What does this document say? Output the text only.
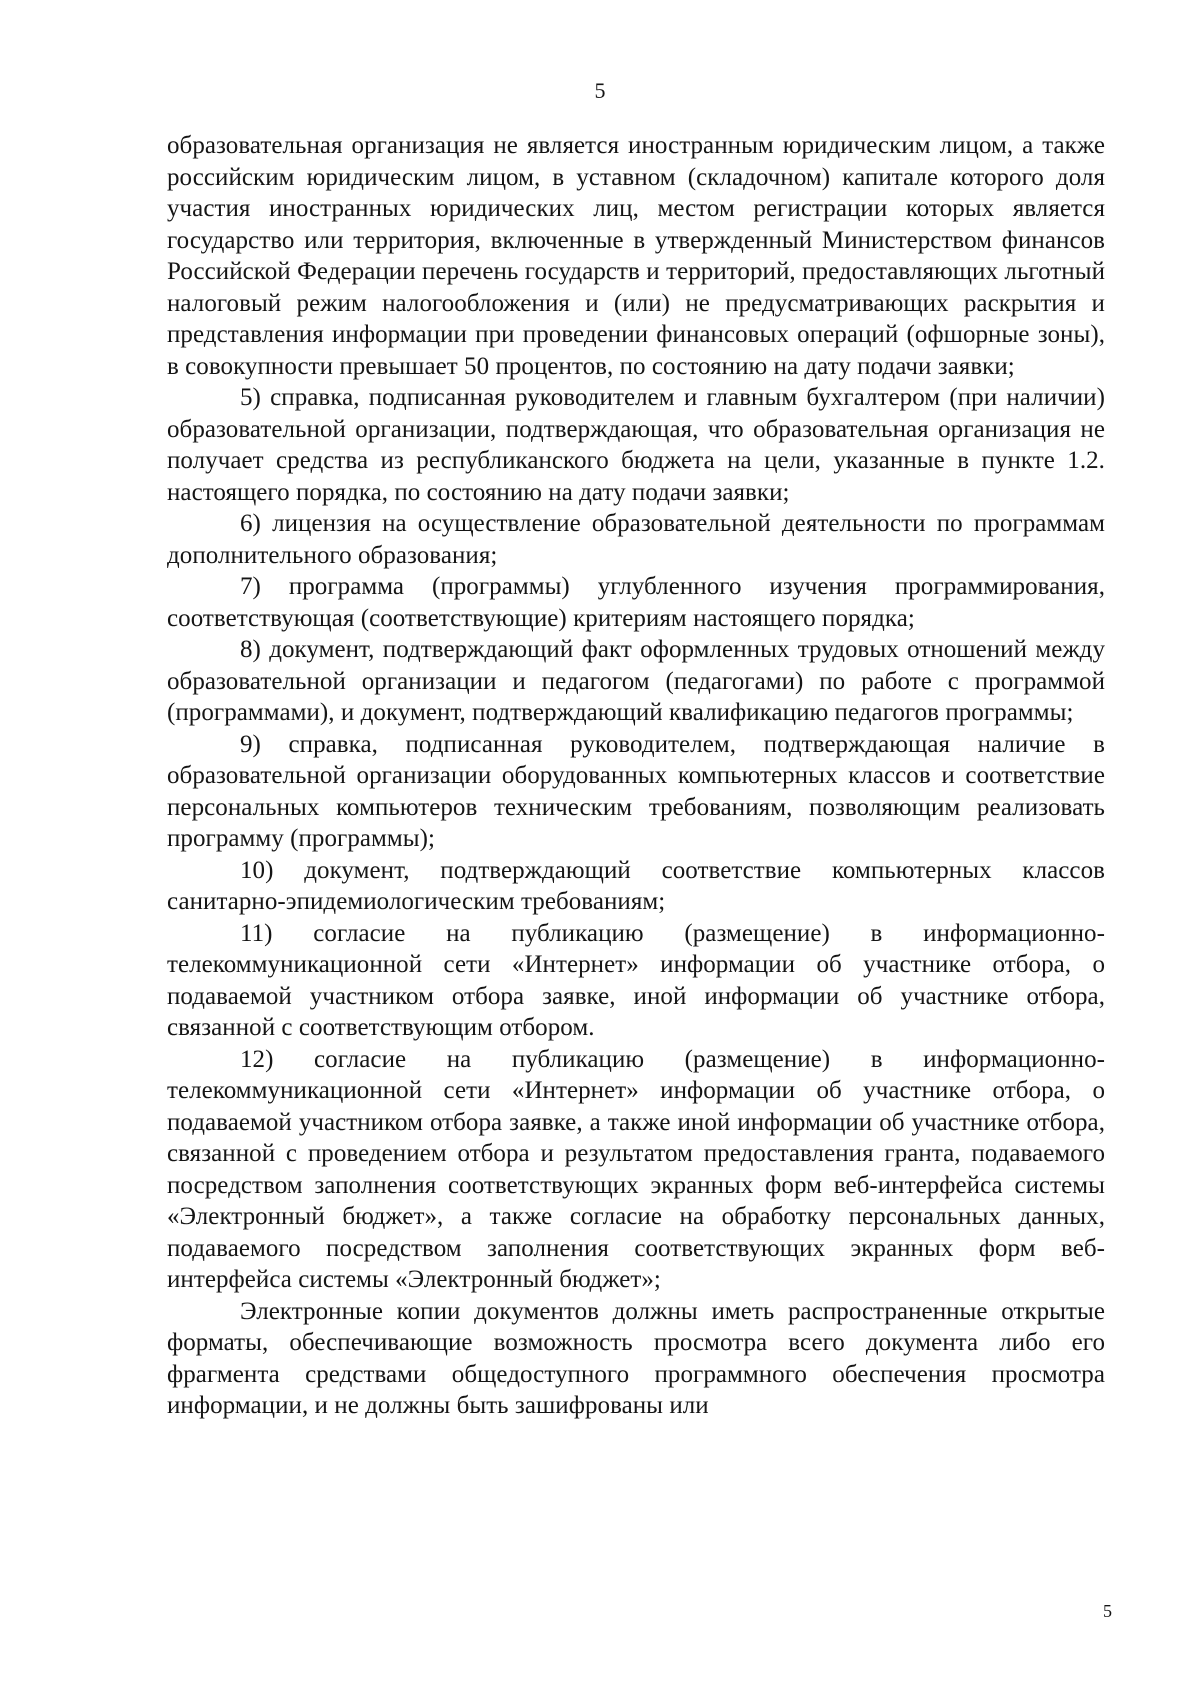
5

образовательная организация не является иностранным юридическим лицом, а также российским юридическим лицом, в уставном (складочном) капитале которого доля участия иностранных юридических лиц, местом регистрации которых является государство или территория, включенные в утвержденный Министерством финансов Российской Федерации перечень государств и территорий, предоставляющих льготный налоговый режим налогообложения и (или) не предусматривающих раскрытия и представления информации при проведении финансовых операций (офшорные зоны), в совокупности превышает 50 процентов, по состоянию на дату подачи заявки;

5) справка, подписанная руководителем и главным бухгалтером (при наличии) образовательной организации, подтверждающая, что образовательная организация не получает средства из республиканского бюджета на цели, указанные в пункте 1.2. настоящего порядка, по состоянию на дату подачи заявки;

6) лицензия на осуществление образовательной деятельности по программам дополнительного образования;

7) программа (программы) углубленного изучения программирования, соответствующая (соответствующие) критериям настоящего порядка;

8) документ, подтверждающий факт оформленных трудовых отношений между образовательной организации и педагогом (педагогами) по работе с программой (программами), и документ, подтверждающий квалификацию педагогов программы;

9) справка, подписанная руководителем, подтверждающая наличие в образовательной организации оборудованных компьютерных классов и соответствие персональных компьютеров техническим требованиям, позволяющим реализовать программу (программы);

10) документ, подтверждающий соответствие компьютерных классов санитарно-эпидемиологическим требованиям;

11) согласие на публикацию (размещение) в информационно-телекоммуникационной сети «Интернет» информации об участнике отбора, о подаваемой участником отбора заявке, иной информации об участнике отбора, связанной с соответствующим отбором.

12) согласие на публикацию (размещение) в информационно-телекоммуникационной сети «Интернет» информации об участнике отбора, о подаваемой участником отбора заявке, а также иной информации об участнике отбора, связанной с проведением отбора и результатом предоставления гранта, подаваемого посредством заполнения соответствующих экранных форм веб-интерфейса системы «Электронный бюджет», а также согласие на обработку персональных данных, подаваемого посредством заполнения соответствующих экранных форм веб-интерфейса системы «Электронный бюджет»;

Электронные копии документов должны иметь распространенные открытые форматы, обеспечивающие возможность просмотра всего документа либо его фрагмента средствами общедоступного программного обеспечения просмотра информации, и не должны быть зашифрованы или

5
